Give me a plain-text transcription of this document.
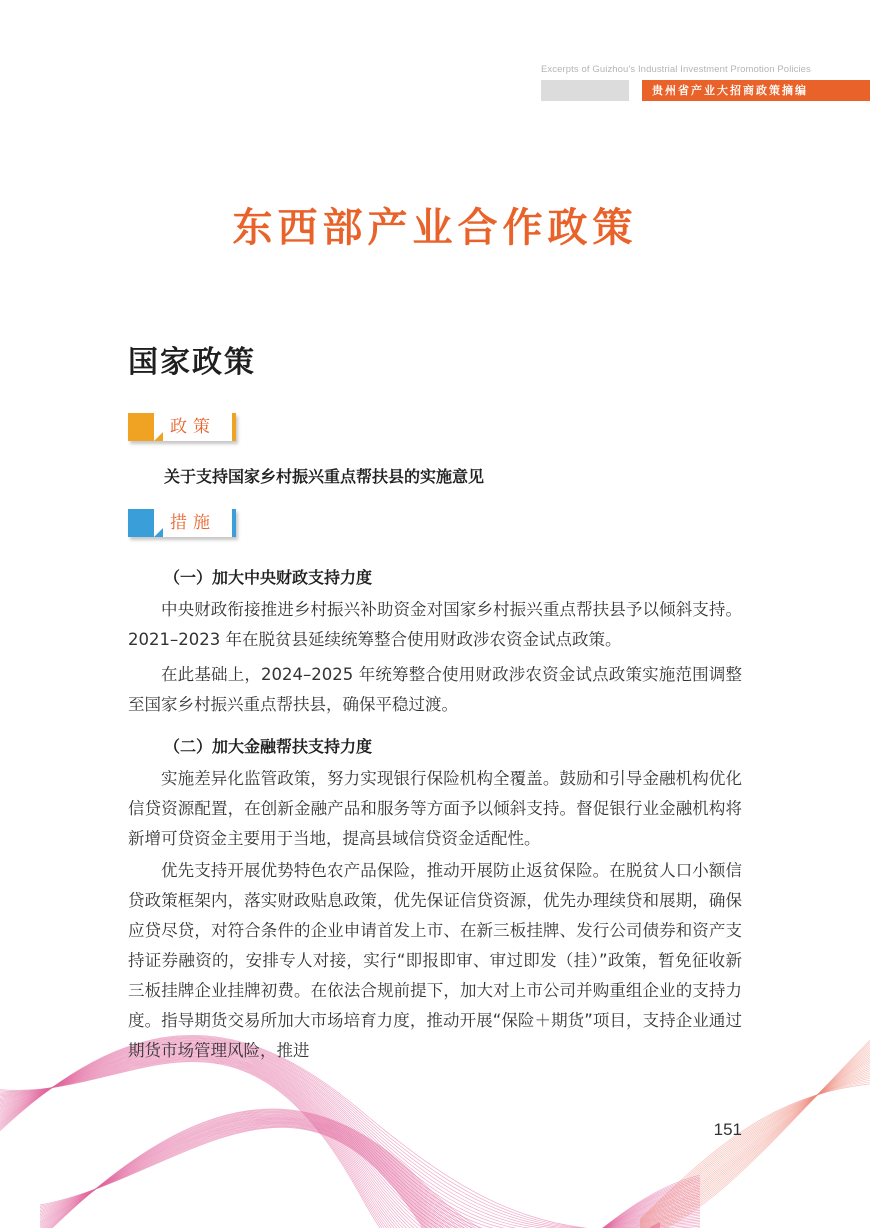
Excerpts of Guizhou's Industrial Investment Promotion Policies
贵州省产业大招商政策摘编
东西部产业合作政策
国家政策
政策
关于支持国家乡村振兴重点帮扶县的实施意见
措施
（一）加大中央财政支持力度

中央财政衔接推进乡村振兴补助资金对国家乡村振兴重点帮扶县予以倾斜支持。2021–2023 年在脱贫县延续统筹整合使用财政涉农资金试点政策。

在此基础上，2024–2025 年统筹整合使用财政涉农资金试点政策实施范围调整至国家乡村振兴重点帮扶县，确保平稳过渡。

（二）加大金融帮扶支持力度

实施差异化监管政策，努力实现银行保险机构全覆盖。鼓励和引导金融机构优化信贷资源配置，在创新金融产品和服务等方面予以倾斜支持。督促银行业金融机构将新增可贷资金主要用于当地，提高县域信贷资金适配性。

优先支持开展优势特色农产品保险，推动开展防止返贫保险。在脱贫人口小额信贷政策框架内，落实财政贴息政策，优先保证信贷资源，优先办理续贷和展期，确保应贷尽贷，对符合条件的企业申请首发上市、在新三板挂牌、发行公司债券和资产支持证券融资的，安排专人对接，实行“即报即审、审过即发（挂）”政策，暂免征收新三板挂牌企业挂牌初费。在依法合规前提下，加大对上市公司并购重组企业的支持力度。指导期货交易所加大市场培育力度，推动开展“保险＋期货”项目，支持企业通过期货市场管理风险，推进

151
